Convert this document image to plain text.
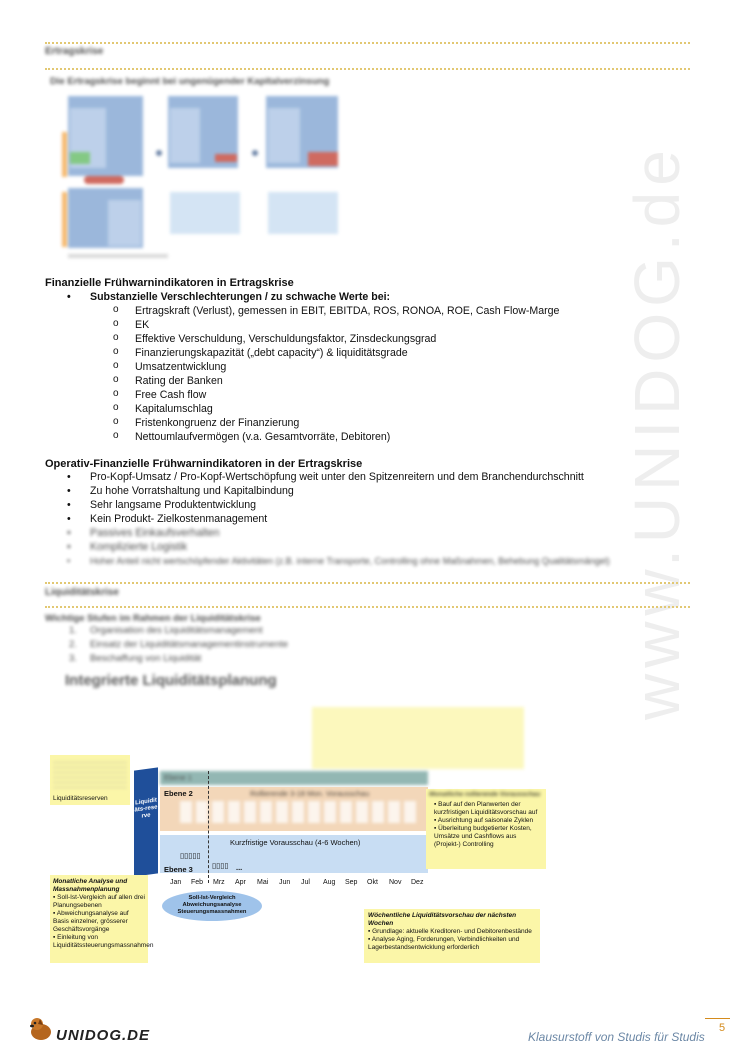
www.UNIDOG.de
Ertragskrise
Die Ertragskrise beginnt bei ungenügender Kapitalverzinsung
Finanzielle Frühwarnindikatoren in Ertragskrise
• Substanzielle Verschlechterungen / zu schwache Werte bei:
o Ertragskraft (Verlust), gemessen in EBIT, EBITDA, ROS, RONOA, ROE, Cash Flow-Marge
o EK
o Effektive Verschuldung, Verschuldungsfaktor, Zinsdeckungsgrad
o Finanzierungskapazität („debt capacity“) & liquiditätsgrade
o Umsatzentwicklung
o Rating der Banken
o Free Cash flow
o Kapitalumschlag
o Fristenkongruenz der Finanzierung
o Nettoumlaufvermögen (v.a. Gesamtvorräte, Debitoren)
Operativ-Finanzielle Frühwarnindikatoren in der Ertragskrise
• Pro-Kopf-Umsatz / Pro-Kopf-Wertschöpfung weit unter den Spitzenreitern und dem Branchendurchschnitt
• Zu hohe Vorratshaltung und Kapitalbindung
• Sehr langsame Produktentwicklung
• Kein Produkt- Zielkostenmanagement
• Passives Einkaufsverhalten
• Komplizierte Logistik
• Hoher Anteil nicht wertschöpfender Aktivitäten (z.B. interne Transporte, Controlling ohne Maßnahmen, Behebung Qualitätsmängel)
Liquiditätskrise
Wichtige Stufen im Rahmen der Liquiditätskrise
1. Organisation des Liquiditätsmanagement
2. Einsatz der Liquiditätsmanagementinstrumente
3. Beschaffung von Liquidität
Integrierte Liquiditätsplanung
Liquiditätsreserven	Liquiditäts-reserve
Ebene 1
Ebene 2	Rollierende 3-18 Mon. Vorausschau
Kurzfristige Vorausschau (4-6 Wochen)
▯▯▯▯▯
▯▯▯▯
Ebene 3	...
Jan Feb Mrz Apr Mai Jun Jul Aug Sep Okt Nov Dez
Soll-Ist-Vergleich Abweichungsanalyse Steuerungsmassnahmen
Monatliche rollierende Vorausschau
▪ Bauf auf den Planwerten der kurzfristigen Liquiditätsvorschau auf
▪ Ausrichtung auf saisonale Zyklen
▪ Überleitung budgetierter Kosten, Umsätze und Cashflows aus (Projekt-) Controlling
Monatliche Analyse und Massnahmenplanung
▪ Soll-Ist-Vergleich auf allen drei Planungsebenen
▪ Abweichungsanalyse auf Basis einzelner, grösserer Geschäftsvorgänge
▪ Einleitung von Liquiditätssteuerungsmassnahmen
Wöchentliche Liquiditätsvorschau der nächsten Wochen
▪ Grundlage: aktuelle Kreditoren- und Debitorenbestände
▪ Analyse Aging, Forderungen, Verbindlichkeiten und Lagerbestandsentwicklung erforderlich
5
UNIDOG.DE	Klausurstoff von Studis für Studis
